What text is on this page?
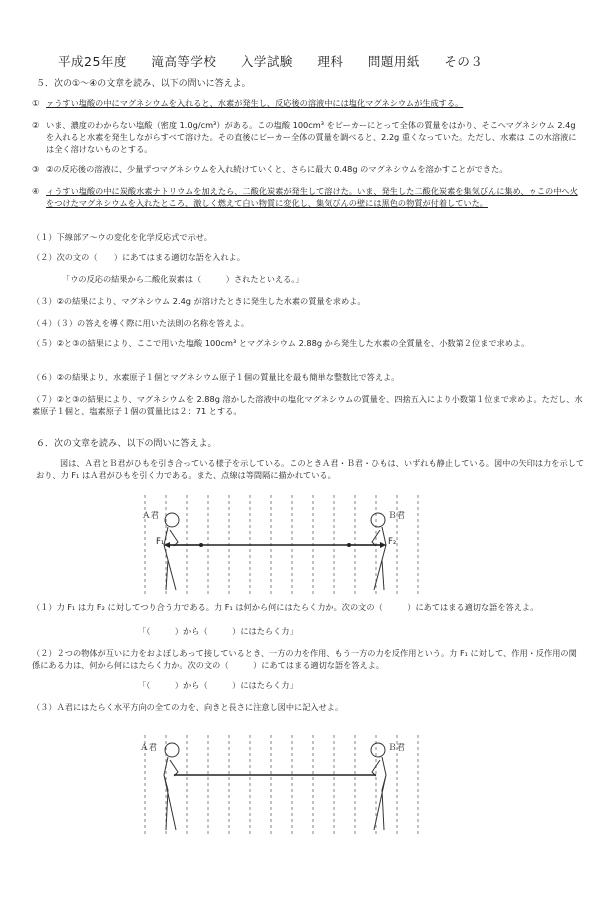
平成25年度 滝高等学校 入学試験 理科 問題用紙 その３
５．次の①～④の文章を読み、以下の問いに答えよ。
① ァうすい塩酸の中にマグネシウムを入れると、水素が発生し、反応後の溶液中には塩化マグネシウムが生成する。
② いま、濃度のわからない塩酸（密度 1.0g/cm³）がある。この塩酸 100cm³ をビーカーにとって全体の質量をはかり、そこへマグネシウム 2.4g を入れると水素を発生しながらすべて溶けた。その直後にビーカー全体の質量を調べると、2.2g 重くなっていた。ただし、水素は この水溶液には全く溶けないものとする。
③ ②の反応後の溶液に、少量ずつマグネシウムを入れ続けていくと、さらに最大 0.48g のマグネシウムを溶かすことができた。
④ ィうすい塩酸の中に炭酸水素ナトリウムを加えたら、二酸化炭素が発生して溶けた。いま、発生した二酸化炭素を集気びんに集め、ゥこの中へ火をつけたマグネシウムを入れたところ、激しく燃えて白い物質に変化し、集気びんの壁には黒色の物質が付着していた。
（１）下線部ア～ウの変化を化学反応式で示せ。
（２）次の文の（　　）にあてはまる適切な語を入れよ。
「ウの反応の結果から二酸化炭素は（　　　）されたといえる。」
（３）②の結果により、マグネシウム 2.4g が溶けたときに発生した水素の質量を求めよ。
（４）（３）の答えを導く際に用いた法則の名称を答えよ。
（５）②と③の結果により、ここで用いた塩酸 100cm³ とマグネシウム 2.88g から発生した水素の全質量を、小数第２位まで求めよ。
（６）②の結果より、水素原子１個とマグネシウム原子１個の質量比を最も簡単な整数比で答えよ。
（７）②と③の結果により、マグネシウムを 2.88g 溶かした溶液中の塩化マグネシウムの質量を、四捨五入により小数第１位まで求めよ。ただし、水素原子１個と、塩素原子１個の質量比は２：71 とする。
６．次の文章を読み、以下の問いに答えよ。
図は、Ａ君とＢ君がひもを引き合っている様子を示している。このときＡ君・Ｂ君・ひもは、いずれも静止している。図中の矢印は力を示しており、力 F₁ はＡ君がひもを引く力である。また、点線は等間隔に描かれている。
Ａ君	Ｂ君
F₁	F₂
（１）力 F₁ は力 F₂ に対してつり合う力である。力 F₁ は何から何にはたらく力か。次の文の（　　　）にあてはまる適切な語を答えよ。
「（　　　）から（　　　）にはたらく力」
（２）２つの物体が互いに力をおよぼしあって接しているとき、一方の力を作用、もう一方の力を反作用という。力 F₁ に対して、作用・反作用の関係にある力は、何から何にはたらく力か。次の文の（　　　）にあてはまる適切な語を答えよ。
「（　　　）から（　　　）にはたらく力」
（３）Ａ君にはたらく水平方向の全ての力を、向きと長さに注意し図中に記入せよ。
Ａ君	Ｂ君
